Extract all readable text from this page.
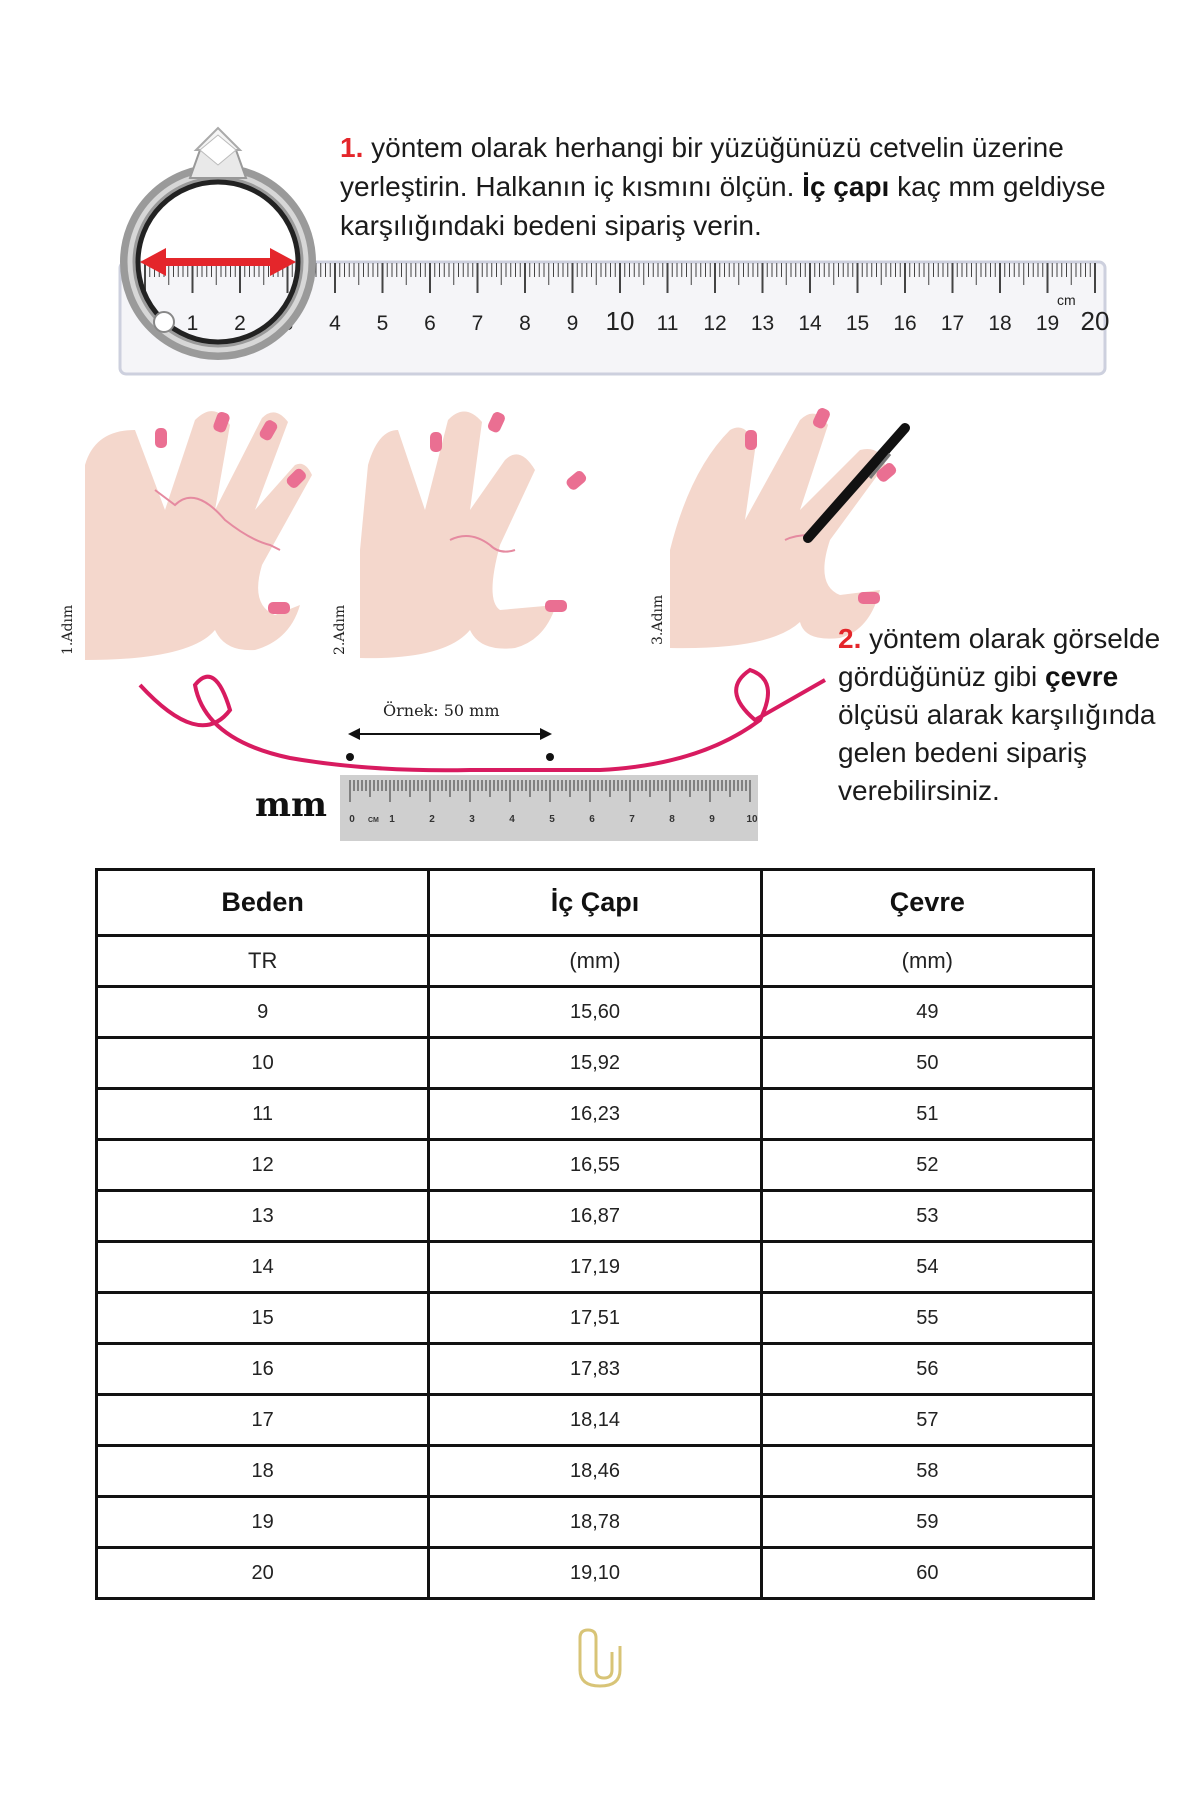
1. yöntem olarak herhangi bir yüzüğünüzü cetvelin üzerine yerleştirin. Halkanın iç kısmını ölçün. İç çapı kaç mm geldiyse karşılığındaki bedeni sipariş verin.
1 2 3 4 5 6 7 8 9 10 11 12 13 14 15 16 17 18 19 20
cm
0	1	2	3	4	5	6	7	8	9	10
CM
1.Adım	2.Adım	3.Adım
Örnek: 50 mm
mm
2. yöntem olarak görselde gördüğünüz gibi çevre ölçüsü alarak karşılığında gelen bedeni sipariş verebilirsiniz.
Beden	İç Çapı	Çevre
TR	(mm)	(mm)
9	15,60	49
10	15,92	50
11	16,23	51
12	16,55	52
13	16,87	53
14	17,19	54
15	17,51	55
16	17,83	56
17	18,14	57
18	18,46	58
19	18,78	59
20	19,10	60
